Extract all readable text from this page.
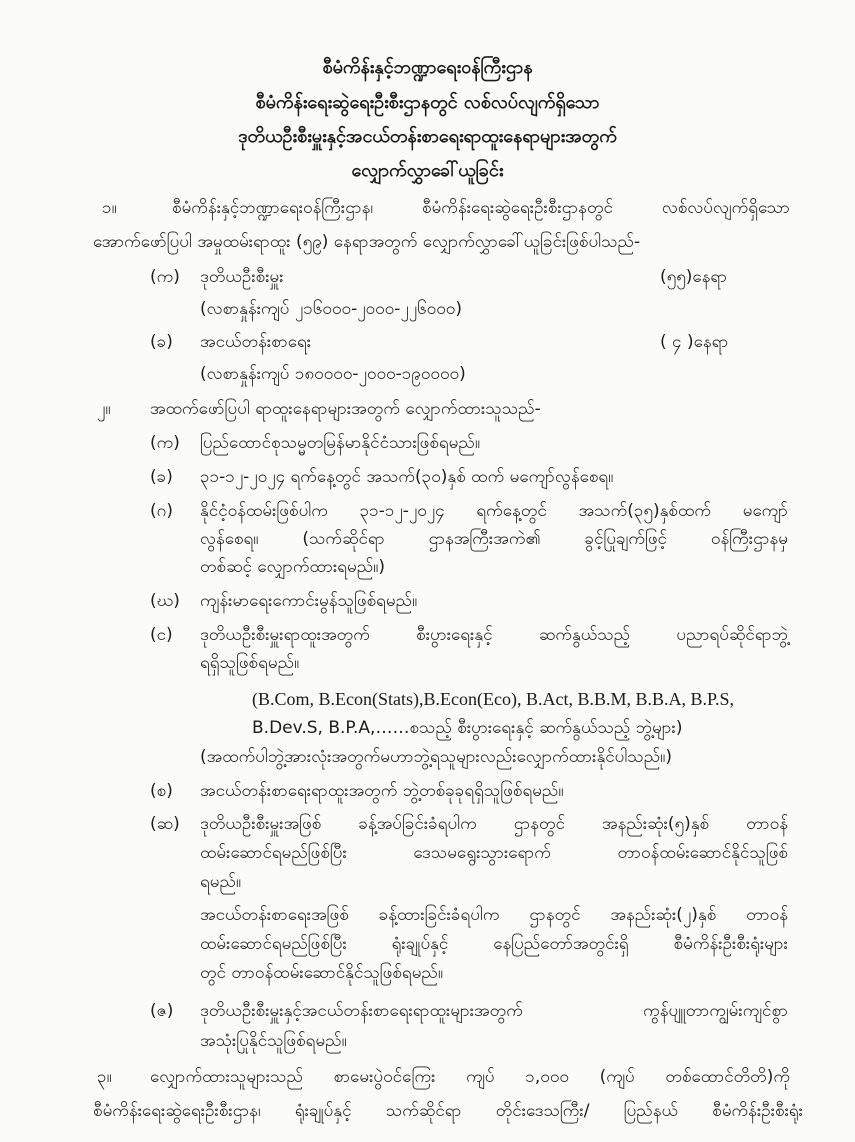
စီမံကိန်းနှင့်ဘဏ္ဍာရေးဝန်ကြီးဌာန
စီမံကိန်းရေးဆွဲရေးဦးစီးဌာနတွင် လစ်လပ်လျက်ရှိသော
ဒုတိယဦးစီးမှူးနှင့်အငယ်တန်းစာရေးရာထူးနေရာများအတွက်
လျှောက်လွှာခေါ်ယူခြင်း
၁။	စီမံကိန်းနှင့်ဘဏ္ဍာရေးဝန်ကြီးဌာန၊ စီမံကိန်းရေးဆွဲရေးဦးစီးဌာနတွင် လစ်လပ်လျက်ရှိသော
အောက်ဖော်ပြပါ အမှုထမ်းရာထူး (၅၉) နေရာအတွက် လျှောက်လွှာခေါ်ယူခြင်းဖြစ်ပါသည်-
(က) ဒုတိယဦးစီးမှူး	(၅၅)နေရာ
(လစာနှုန်းကျပ် ၂၁၆၀၀၀-၂၀၀၀-၂၂၆၀၀၀)
(ခ) အငယ်တန်းစာရေး	( ၄ )နေရာ
(လစာနှုန်းကျပ် ၁၈၀၀၀၀-၂၀၀၀-၁၉၀၀၀၀)
၂။ အထက်ဖော်ပြပါ ရာထူးနေရာများအတွက် လျှောက်ထားသူသည်-
(က) ပြည်ထောင်စုသမ္မတမြန်မာနိုင်ငံသားဖြစ်ရမည်။
(ခ) ၃၁-၁၂-၂၀၂၄ ရက်နေ့တွင် အသက်(၃၀)နှစ် ထက် မကျော်လွန်စေရ။
(ဂ) နိုင်ငံ့ဝန်ထမ်းဖြစ်ပါက ၃၁-၁၂-၂၀၂၄ ရက်နေ့တွင် အသက်(၃၅)နှစ်ထက် မကျော်
လွန်စေရ။ (သက်ဆိုင်ရာ ဌာနအကြီးအကဲ၏ ခွင့်ပြုချက်ဖြင့် ဝန်ကြီးဌာနမှ
တစ်ဆင့် လျှောက်ထားရမည်။)
(ဃ) ကျန်းမာရေးကောင်းမွန်သူဖြစ်ရမည်။
(င) ဒုတိယဦးစီးမှူးရာထူးအတွက် စီးပွားရေးနှင့် ဆက်နွယ်သည့် ပညာရပ်ဆိုင်ရာဘွဲ့
ရရှိသူဖြစ်ရမည်။
(B.Com, B.Econ(Stats),B.Econ(Eco), B.Act, B.B.M, B.B.A, B.P.S,
B.Dev.S, B.P.A,……စသည့် စီးပွားရေးနှင့် ဆက်နွယ်သည့် ဘွဲ့များ)
(အထက်ပါဘွဲ့အားလုံးအတွက်မဟာဘွဲ့ရသူများလည်းလျှောက်ထားနိုင်ပါသည်။)
(စ) အငယ်တန်းစာရေးရာထူးအတွက် ဘွဲ့တစ်ခုခုရရှိသူဖြစ်ရမည်။
(ဆ) ဒုတိယဦးစီးမှူးအဖြစ် ခန့်အပ်ခြင်းခံရပါက ဌာနတွင် အနည်းဆုံး(၅)နှစ် တာဝန်
ထမ်းဆောင်ရမည်ဖြစ်ပြီး ဒေသမရွေးသွားရောက် တာဝန်ထမ်းဆောင်နိုင်သူဖြစ်
ရမည်။
အငယ်တန်းစာရေးအဖြစ် ခန့်ထားခြင်းခံရပါက ဌာနတွင် အနည်းဆုံး(၂)နှစ် တာဝန်
ထမ်းဆောင်ရမည်ဖြစ်ပြီး ရုံးချုပ်နှင့် နေပြည်တော်အတွင်းရှိ စီမံကိန်းဦးစီးရုံးများ
တွင် တာဝန်ထမ်းဆောင်နိုင်သူဖြစ်ရမည်။
(ဇ) ဒုတိယဦးစီးမှူးနှင့်အငယ်တန်းစာရေးရာထူးများအတွက် ကွန်ပျူတာကျွမ်းကျင်စွာ
အသုံးပြုနိုင်သူဖြစ်ရမည်။
၃။ လျှောက်ထားသူများသည် စာမေးပွဲဝင်ကြေး ကျပ် ၁,၀၀၀ (ကျပ် တစ်ထောင်တိတိ)ကို
စီမံကိန်းရေးဆွဲရေးဦးစီးဌာန၊ ရုံးချုပ်နှင့် သက်ဆိုင်ရာ တိုင်းဒေသကြီး/ ပြည်နယ် စီမံကိန်းဦးစီးရုံး
